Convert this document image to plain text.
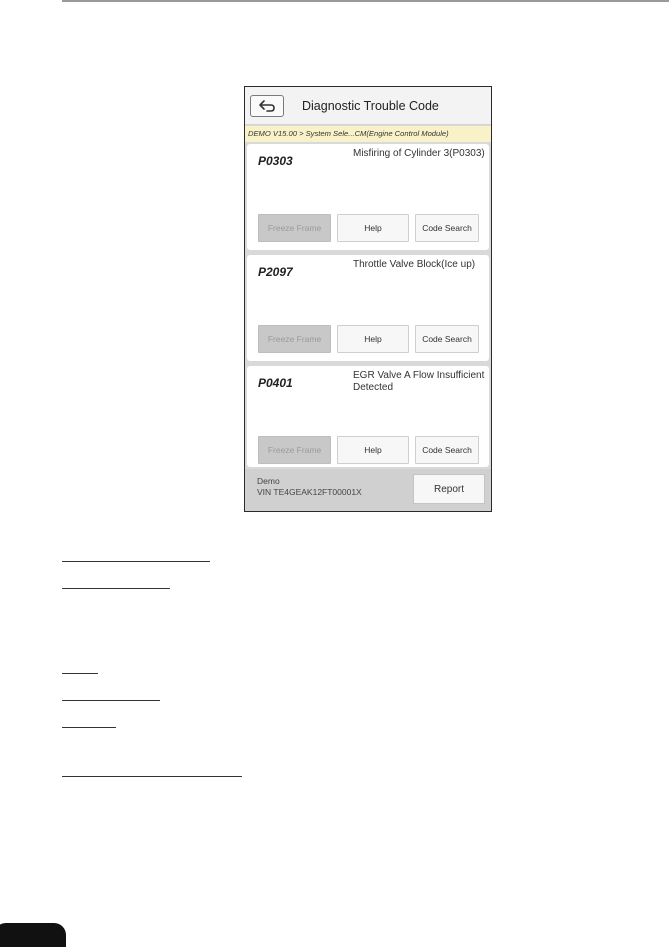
Diagnostic Trouble Code
DEMO V15.00 > System Sele...CM(Engine Control Module)
P0303
Misfiring of Cylinder 3(P0303)
Freeze Frame	Help	Code Search
P2097
Throttle Valve Block(Ice up)
Freeze Frame	Help	Code Search
P0401
EGR Valve A Flow Insufficient Detected
Freeze Frame	Help	Code Search
Demo
VIN TE4GEAK12FT00001X	Report
